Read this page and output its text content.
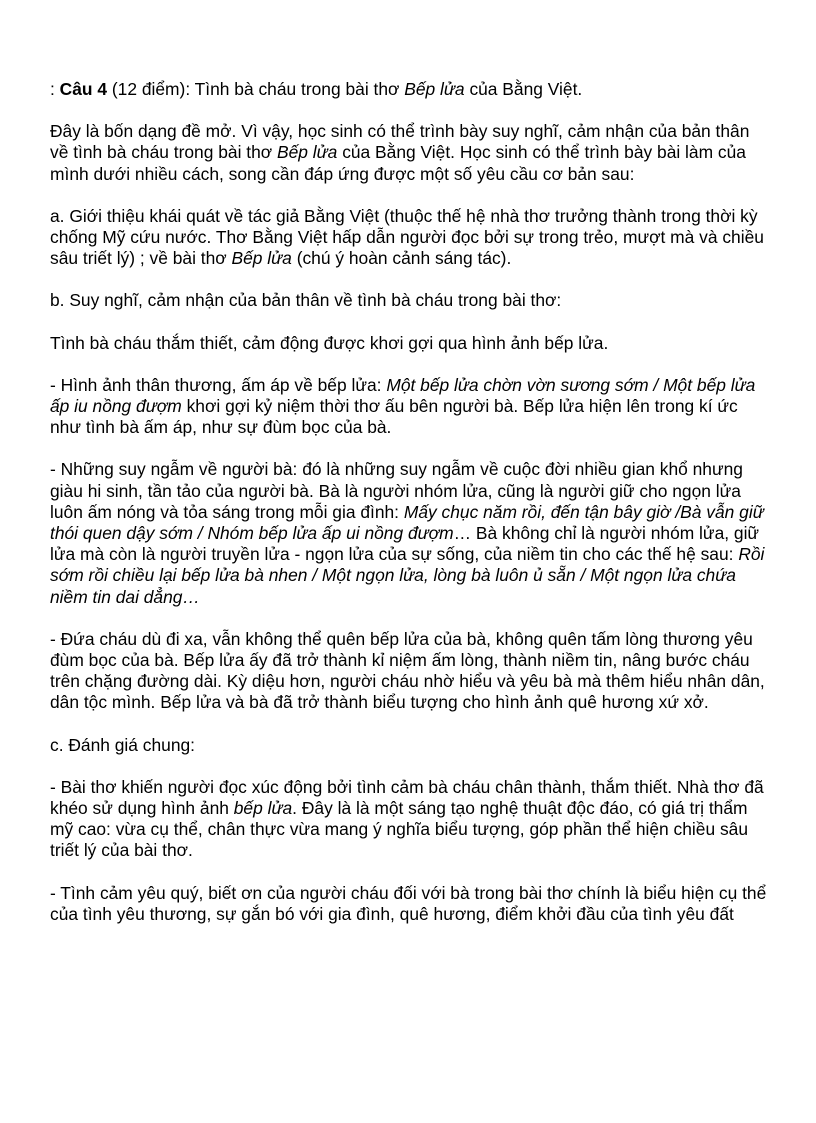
: Câu 4 (12 điểm): Tình bà cháu trong bài thơ Bếp lửa của Bằng Việt.

Đây là bốn dạng đề mở. Vì vậy, học sinh có thể trình bày suy nghĩ, cảm nhận của bản thân về tình bà cháu trong bài thơ Bếp lửa của Bằng Việt. Học sinh có thể trình bày bài làm của mình dưới nhiều cách, song cần đáp ứng được một số yêu cầu cơ bản sau:

a. Giới thiệu khái quát về tác giả Bằng Việt (thuộc thế hệ nhà thơ trưởng thành trong thời kỳ chống Mỹ cứu nước. Thơ Bằng Việt hấp dẫn người đọc bởi sự trong trẻo, mượt mà và chiều sâu triết lý) ; về bài thơ Bếp lửa (chú ý hoàn cảnh sáng tác).

b. Suy nghĩ, cảm nhận của bản thân về tình bà cháu trong bài thơ:

Tình bà cháu thắm thiết, cảm động được khơi gợi qua hình ảnh bếp lửa.

- Hình ảnh thân thương, ấm áp về bếp lửa: Một bếp lửa chờn vờn sương sớm / Một bếp lửa ấp iu nồng đượm khơi gợi kỷ niệm thời thơ ấu bên người bà. Bếp lửa hiện lên trong kí ức như tình bà ấm áp, như sự đùm bọc của bà.

- Những suy ngẫm về người bà: đó là những suy ngẫm về cuộc đời nhiều gian khổ nhưng giàu hi sinh, tần tảo của người bà. Bà là người nhóm lửa, cũng là người giữ cho ngọn lửa luôn ấm nóng và tỏa sáng trong mỗi gia đình: Mấy chục năm rồi, đến tận bây giờ /Bà vẫn giữ thói quen dậy sớm / Nhóm bếp lửa ấp ui nồng đượm… Bà không chỉ là người nhóm lửa, giữ lửa mà còn là người truyền lửa - ngọn lửa của sự sống, của niềm tin cho các thế hệ sau: Rồi sớm rồi chiều lại bếp lửa bà nhen / Một ngọn lửa, lòng bà luôn ủ sẵn / Một ngọn lửa chứa niềm tin dai dẳng…

- Đứa cháu dù đi xa, vẫn không thể quên bếp lửa của bà, không quên tấm lòng thương yêu đùm bọc của bà. Bếp lửa ấy đã trở thành kỉ niệm ấm lòng, thành niềm tin, nâng bước cháu trên chặng đường dài. Kỳ diệu hơn, người cháu nhờ hiểu và yêu bà mà thêm hiểu nhân dân, dân tộc mình. Bếp lửa và bà đã trở thành biểu tượng cho hình ảnh quê hương xứ xở.

c. Đánh giá chung:

- Bài thơ khiến người đọc xúc động bởi tình cảm bà cháu chân thành, thắm thiết. Nhà thơ đã khéo sử dụng hình ảnh bếp lửa. Đây là là một sáng tạo nghệ thuật độc đáo, có giá trị thẩm mỹ cao: vừa cụ thể, chân thực vừa mang ý nghĩa biểu tượng, góp phần thể hiện chiều sâu triết lý của bài thơ.

- Tình cảm yêu quý, biết ơn của người cháu đối với bà trong bài thơ chính là biểu hiện cụ thể của tình yêu thương, sự gắn bó với gia đình, quê hương, điểm khởi đầu của tình yêu đất
